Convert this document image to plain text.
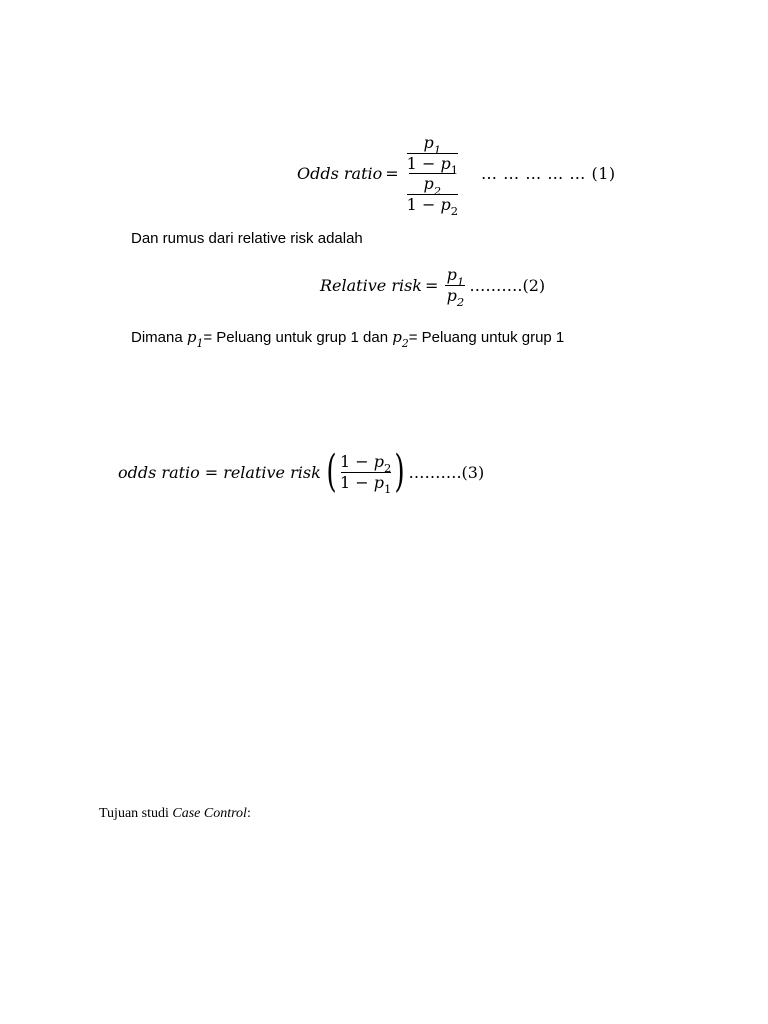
Odds ratio = $\frac{\frac{p_1}{1 - p_1}}{\frac{p_2}{1 - p_2}}$ … … … … … (1)
Dan rumus dari relative risk adalah
Relative risk = $\frac{p_1}{p_2}$ ……….(2)
Dimana $p_1=$ Peluang untuk grup 1 dan $p_2=$ Peluang untuk grup 1
odds ratio = relative risk ( $\frac{1 - p_2}{1 - p_1}$ ) ……….(3)
Tujuan studi Case Control:
